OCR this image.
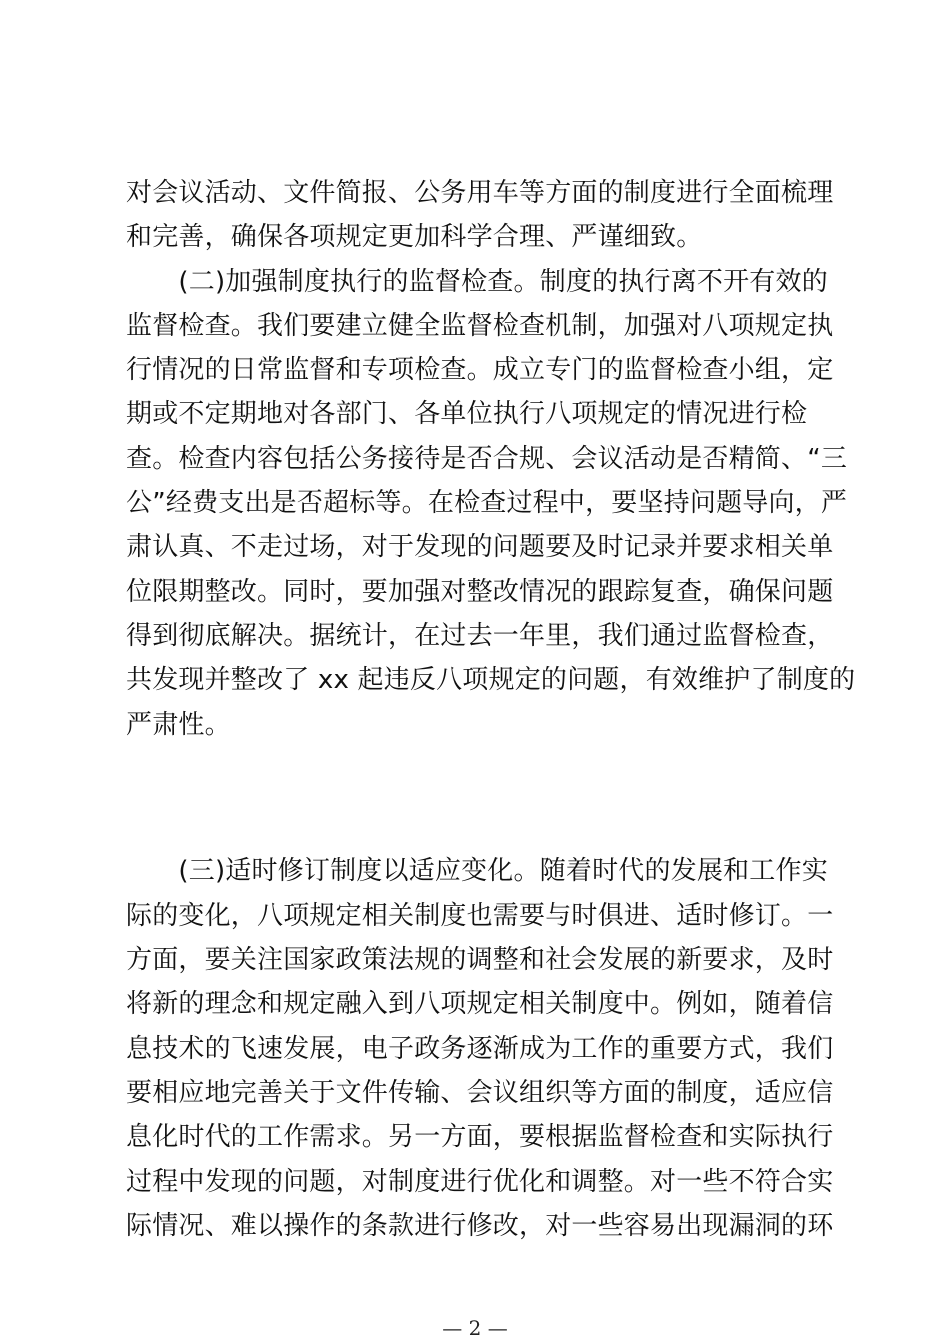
对会议活动、文件简报、公务用车等方面的制度进行全面梳理
和完善，确保各项规定更加科学合理、严谨细致。
　　(二)加强制度执行的监督检查。制度的执行离不开有效的
监督检查。我们要建立健全监督检查机制，加强对八项规定执
行情况的日常监督和专项检查。成立专门的监督检查小组，定
期或不定期地对各部门、各单位执行八项规定的情况进行检
查。检查内容包括公务接待是否合规、会议活动是否精简、“三
公”经费支出是否超标等。在检查过程中，要坚持问题导向，严
肃认真、不走过场，对于发现的问题要及时记录并要求相关单
位限期整改。同时，要加强对整改情况的跟踪复查，确保问题
得到彻底解决。据统计，在过去一年里，我们通过监督检查，
共发现并整改了 xx 起违反八项规定的问题，有效维护了制度的
严肃性。
　　(三)适时修订制度以适应变化。随着时代的发展和工作实
际的变化，八项规定相关制度也需要与时俱进、适时修订。一
方面，要关注国家政策法规的调整和社会发展的新要求，及时
将新的理念和规定融入到八项规定相关制度中。例如，随着信
息技术的飞速发展，电子政务逐渐成为工作的重要方式，我们
要相应地完善关于文件传输、会议组织等方面的制度，适应信
息化时代的工作需求。另一方面，要根据监督检查和实际执行
过程中发现的问题，对制度进行优化和调整。对一些不符合实
际情况、难以操作的条款进行修改，对一些容易出现漏洞的环
— 2 —
